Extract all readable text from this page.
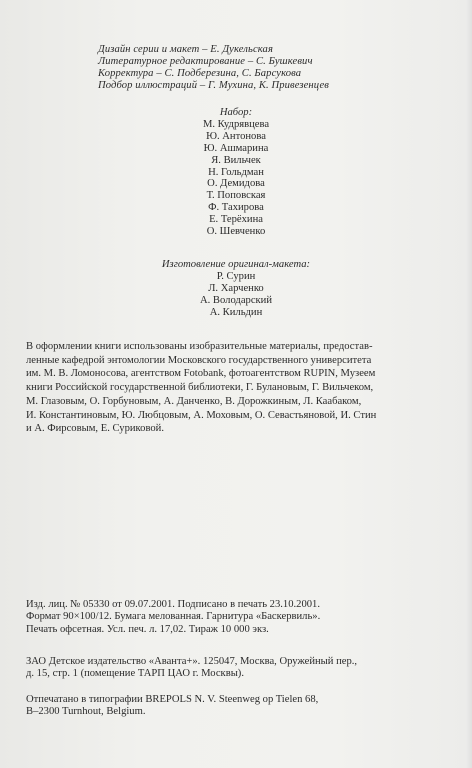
Дизайн серии и макет – Е. Дукельская
Литературное редактирование – С. Бушкевич
Корректура – С. Подберезина, С. Барсукова
Подбор иллюстраций – Г. Мухина, К. Привезенцев
Набор:
М. Кудрявцева
Ю. Антонова
Ю. Ашмарина
Я. Вильчек
Н. Гольдман
О. Демидова
Т. Поповская
Ф. Тахирова
Е. Терёхина
О. Шевченко
Изготовление оригинал-макета:
Р. Сурин
Л. Харченко
А. Володарский
А. Кильдин
В оформлении книги использованы изобразительные материалы, предостав-
ленные кафедрой энтомологии Московского государственного университета
им. М. В. Ломоносова, агентством Fotobank, фотоагентством RUPIN, Музеем
книги Российской государственной библиотеки, Г. Булановым, Г. Вильчеком,
М. Глазовым, О. Горбуновым, А. Данченко, В. Дорожкиным, Л. Каабаком,
И. Константиновым, Ю. Любцовым, А. Моховым, О. Севастьяновой, И. Стин
и А. Фирсовым, Е. Суриковой.
Изд. лиц. № 05330 от 09.07.2001. Подписано в печать 23.10.2001.
Формат 90×100/12. Бумага мелованная. Гарнитура «Баскервиль».
Печать офсетная. Усл. печ. л. 17,02. Тираж 10 000 экз.
ЗАО Детское издательство «Аванта+». 125047, Москва, Оружейный пер.,
д. 15, стр. 1 (помещение ТАРП ЦАО г. Москвы).
Отпечатано в типографии BREPOLS N. V. Steenweg op Tielen 68,
B–2300 Turnhout, Belgium.
